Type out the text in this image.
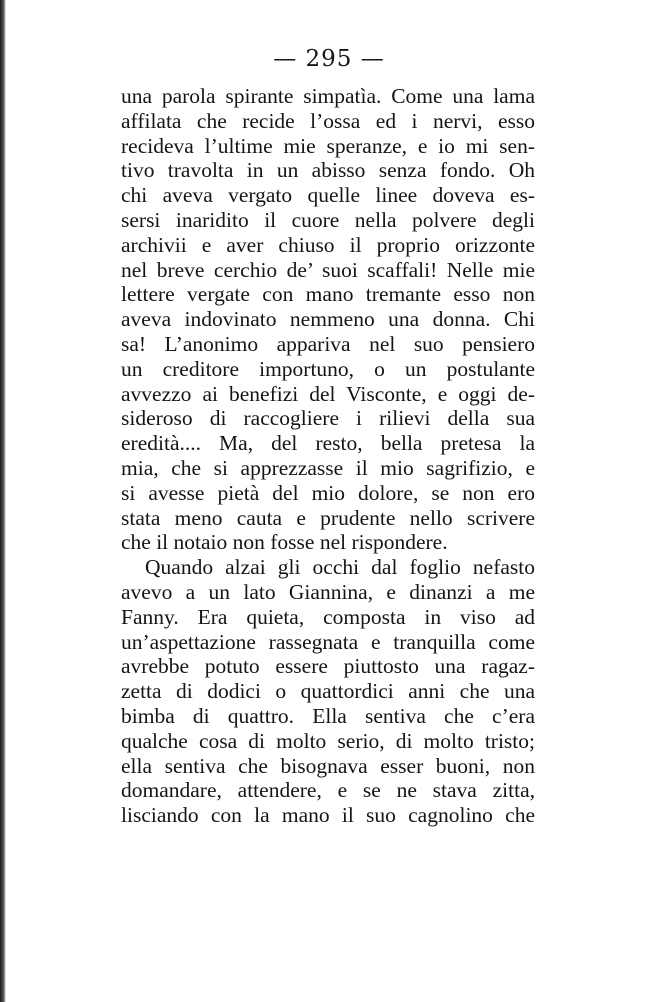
— 295 —
una parola spirante simpatìa. Come una lama
affilata che recide l’ossa ed i nervi, esso
recideva l’ultime mie speranze, e io mi sen-
tivo travolta in un abisso senza fondo. Oh
chi aveva vergato quelle linee doveva es-
sersi inaridito il cuore nella polvere degli
archivii e aver chiuso il proprio orizzonte
nel breve cerchio de’ suoi scaffali! Nelle mie
lettere vergate con mano tremante esso non
aveva indovinato nemmeno una donna. Chi
sa! L’anonimo appariva nel suo pensiero
un creditore importuno, o un postulante
avvezzo ai benefizi del Visconte, e oggi de-
sideroso di raccogliere i rilievi della sua
eredità.... Ma, del resto, bella pretesa la
mia, che si apprezzasse il mio sagrifizio, e
si avesse pietà del mio dolore, se non ero
stata meno cauta e prudente nello scrivere
che il notaio non fosse nel rispondere.
Quando alzai gli occhi dal foglio nefasto
avevo a un lato Giannina, e dinanzi a me
Fanny. Era quieta, composta in viso ad
un’aspettazione rassegnata e tranquilla come
avrebbe potuto essere piuttosto una ragaz-
zetta di dodici o quattordici anni che una
bimba di quattro. Ella sentiva che c’era
qualche cosa di molto serio, di molto tristo;
ella sentiva che bisognava esser buoni, non
domandare, attendere, e se ne stava zitta,
lisciando con la mano il suo cagnolino che
